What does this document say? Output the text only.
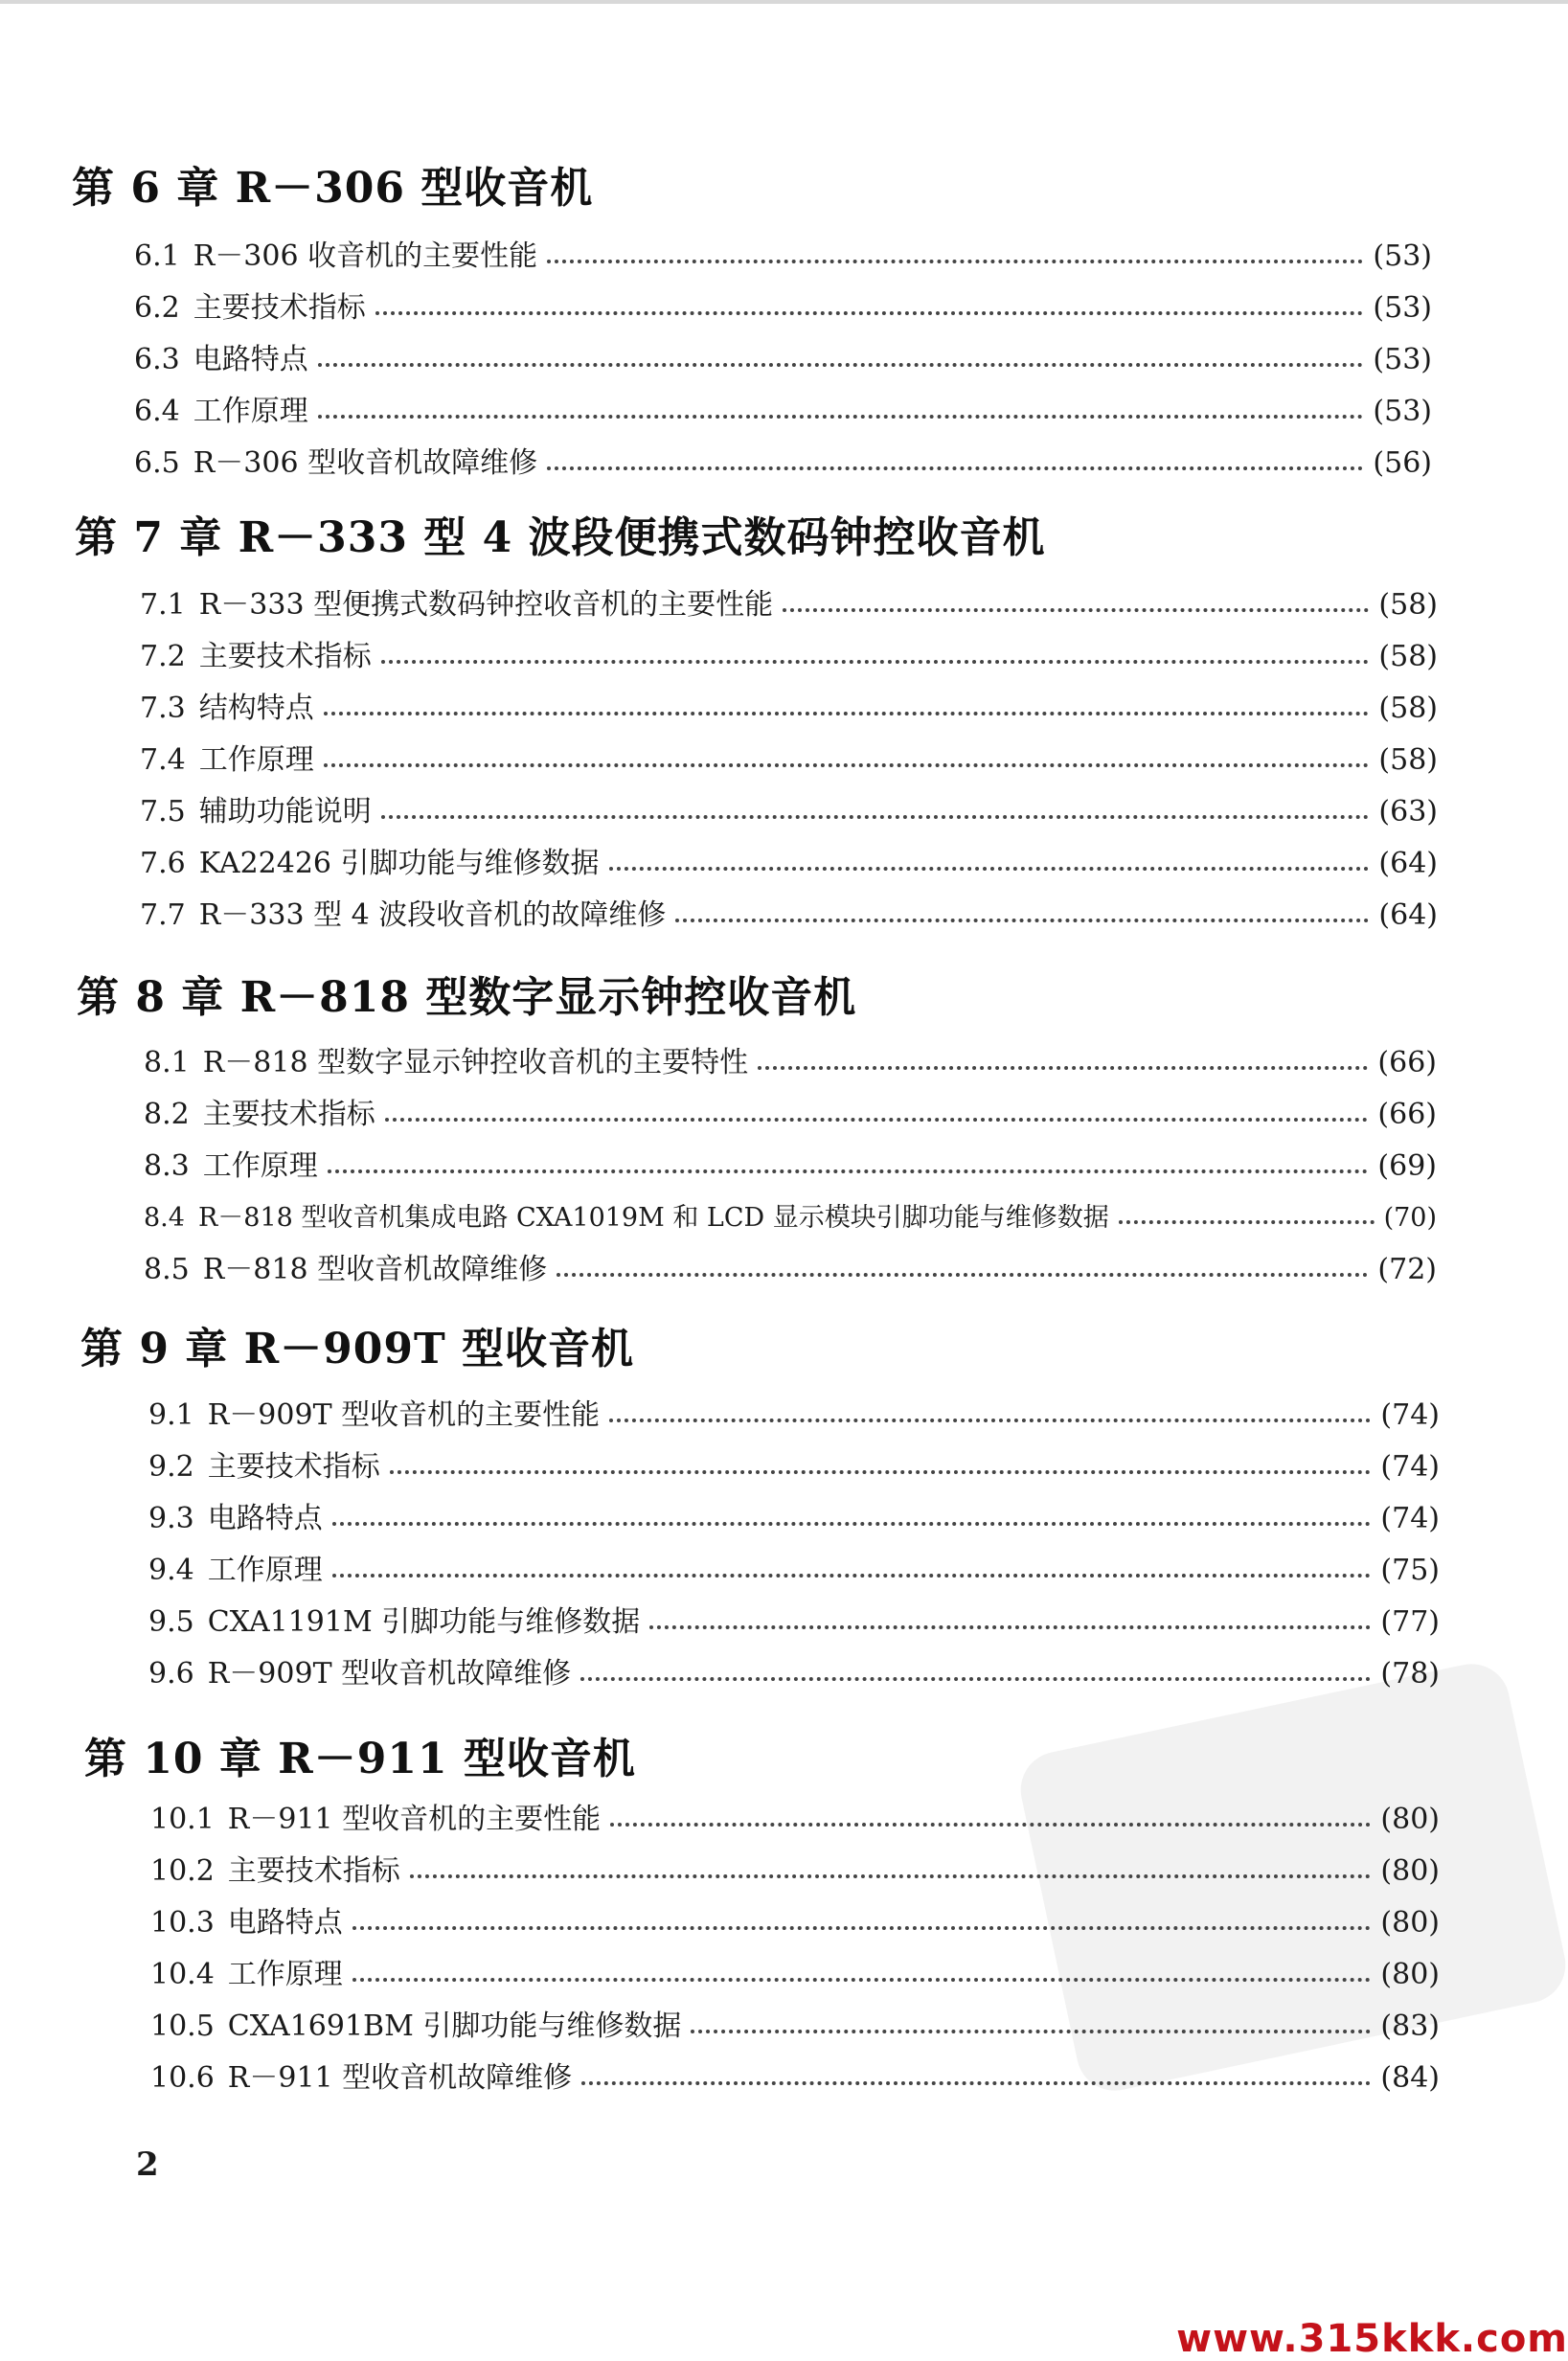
第 6 章 R－306 型收音机
6.1 R－306 收音机的主要性能	(53)
6.2 主要技术指标	(53)
6.3 电路特点	(53)
6.4 工作原理	(53)
6.5 R－306 型收音机故障维修	(56)
第 7 章 R－333 型 4 波段便携式数码钟控收音机
7.1 R－333 型便携式数码钟控收音机的主要性能	(58)
7.2 主要技术指标	(58)
7.3 结构特点	(58)
7.4 工作原理	(58)
7.5 辅助功能说明	(63)
7.6 KA22426 引脚功能与维修数据	(64)
7.7 R－333 型 4 波段收音机的故障维修	(64)
第 8 章 R－818 型数字显示钟控收音机
8.1 R－818 型数字显示钟控收音机的主要特性	(66)
8.2 主要技术指标	(66)
8.3 工作原理	(69)
8.4 R－818 型收音机集成电路 CXA1019M 和 LCD 显示模块引脚功能与维修数据	(70)
8.5 R－818 型收音机故障维修	(72)
第 9 章 R－909T 型收音机
9.1 R－909T 型收音机的主要性能	(74)
9.2 主要技术指标	(74)
9.3 电路特点	(74)
9.4 工作原理	(75)
9.5 CXA1191M 引脚功能与维修数据	(77)
9.6 R－909T 型收音机故障维修	(78)
第 10 章 R－911 型收音机
10.1 R－911 型收音机的主要性能	(80)
10.2 主要技术指标	(80)
10.3 电路特点	(80)
10.4 工作原理	(80)
10.5 CXA1691BM 引脚功能与维修数据	(83)
10.6 R－911 型收音机故障维修	(84)
2
www.315kkk.com
